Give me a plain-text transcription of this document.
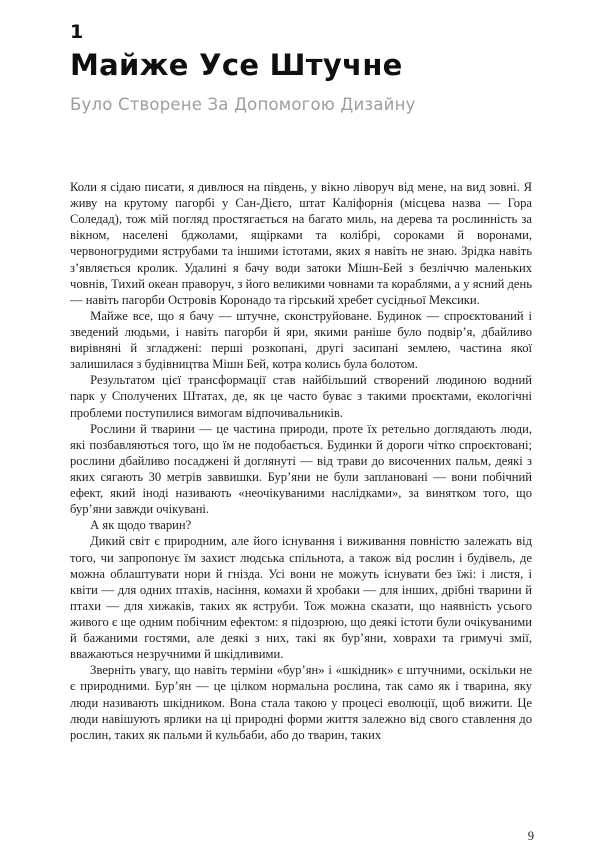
1
Майже Усе Штучне
Було Створене За Допомогою Дизайну

Коли я сідаю писати, я дивлюся на південь, у вікно ліворуч від мене, на вид зовні. Я живу на крутому пагорбі у Сан-Дієго, штат Каліфорнія (місцева назва — Гора Соледад), тож мій погляд простягається на багато миль, на дерева та рослинність за вікном, населені бджолами, ящірками та колібрі, сороками й воронами, червоногрудими яструбами та іншими істотами, яких я навіть не знаю. Зрідка навіть з’являється кролик. Удалині я бачу води затоки Мішн-Бей з безліччю маленьких човнів, Тихий океан праворуч, з його великими човнами та кораблями, а у ясний день — навіть пагорби Островів Коронадо та гірський хребет сусідньої Мексики.

Майже все, що я бачу — штучне, сконструйоване. Будинок — спроєктований і зведений людьми, і навіть пагорби й яри, якими раніше було подвір’я, дбайливо вирівняні й згладжені: перші розкопані, другі засипані землею, частина якої залишилася з будівництва Мішн Бей, котра колись була болотом.

Результатом цієї трансформації став найбільший створений людиною водний парк у Сполучених Штатах, де, як це часто буває з такими проєктами, екологічні проблеми поступилися вимогам відпочивальників.

Рослини й тварини — це частина природи, проте їх ретельно доглядають люди, які позбавляються того, що їм не подобається. Будинки й дороги чітко спроєктовані; рослини дбайливо посаджені й доглянуті — від трави до височенних пальм, деякі з яких сягають 30 метрів заввишки. Бур’яни не були заплановані — вони побічний ефект, який іноді називають «неочікуваними наслідками», за винятком того, що бур’яни завжди очікувані.

А як щодо тварин?

Дикий світ є природним, але його існування і виживання повністю залежать від того, чи запропонує їм захист людська спільнота, а також від рослин і будівель, де можна облаштувати нори й гнізда. Усі вони не можуть існувати без їжі: і листя, і квіти — для одних птахів, насіння, комахи й хробаки — для інших, дрібні тварини й птахи — для хижаків, таких як яструби. Тож можна сказати, що наявність усього живого є ще одним побічним ефектом: я підозрюю, що деякі істоти були очікуваними й бажаними гостями, але деякі з них, такі як бур’яни, ховрахи та гримучі змії, вважаються незручними й шкідливими.

Зверніть увагу, що навіть терміни «бур’ян» і «шкідник» є штучними, оскільки не є природними. Бур’ян — це цілком нормальна рослина, так само як і тварина, яку люди називають шкідником. Вона стала такою у процесі еволюції, щоб вижити. Це люди навішують ярлики на ці природні форми життя залежно від свого ставлення до рослин, таких як пальми й кульбаби, або до тварин, таких

9
